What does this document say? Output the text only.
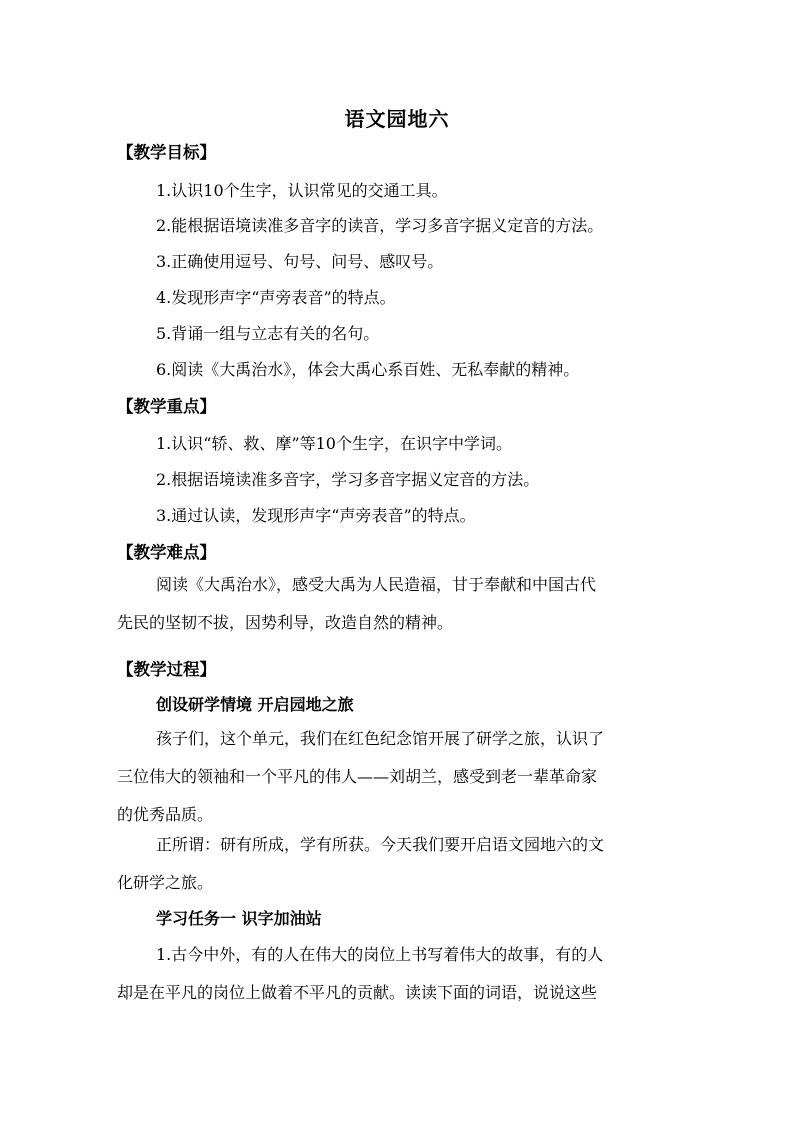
语文园地六
【教学目标】
1.认识10个生字，认识常见的交通工具。
2.能根据语境读准多音字的读音，学习多音字据义定音的方法。
3.正确使用逗号、句号、问号、感叹号。
4.发现形声字“声旁表音”的特点。
5.背诵一组与立志有关的名句。
6.阅读《大禹治水》，体会大禹心系百姓、无私奉献的精神。
【教学重点】
1.认识“轿、救、摩”等10个生字，在识字中学词。
2.根据语境读准多音字，学习多音字据义定音的方法。
3.通过认读，发现形声字“声旁表音”的特点。
【教学难点】
阅读《大禹治水》，感受大禹为人民造福，甘于奉献和中国古代
先民的坚韧不拔，因势利导，改造自然的精神。
【教学过程】
创设研学情境 开启园地之旅
孩子们，这个单元，我们在红色纪念馆开展了研学之旅，认识了
三位伟大的领袖和一个平凡的伟人——刘胡兰，感受到老一辈革命家
的优秀品质。
正所谓：研有所成，学有所获。今天我们要开启语文园地六的文
化研学之旅。
学习任务一 识字加油站
1.古今中外，有的人在伟大的岗位上书写着伟大的故事，有的人
却是在平凡的岗位上做着不平凡的贡献。读读下面的词语，说说这些
